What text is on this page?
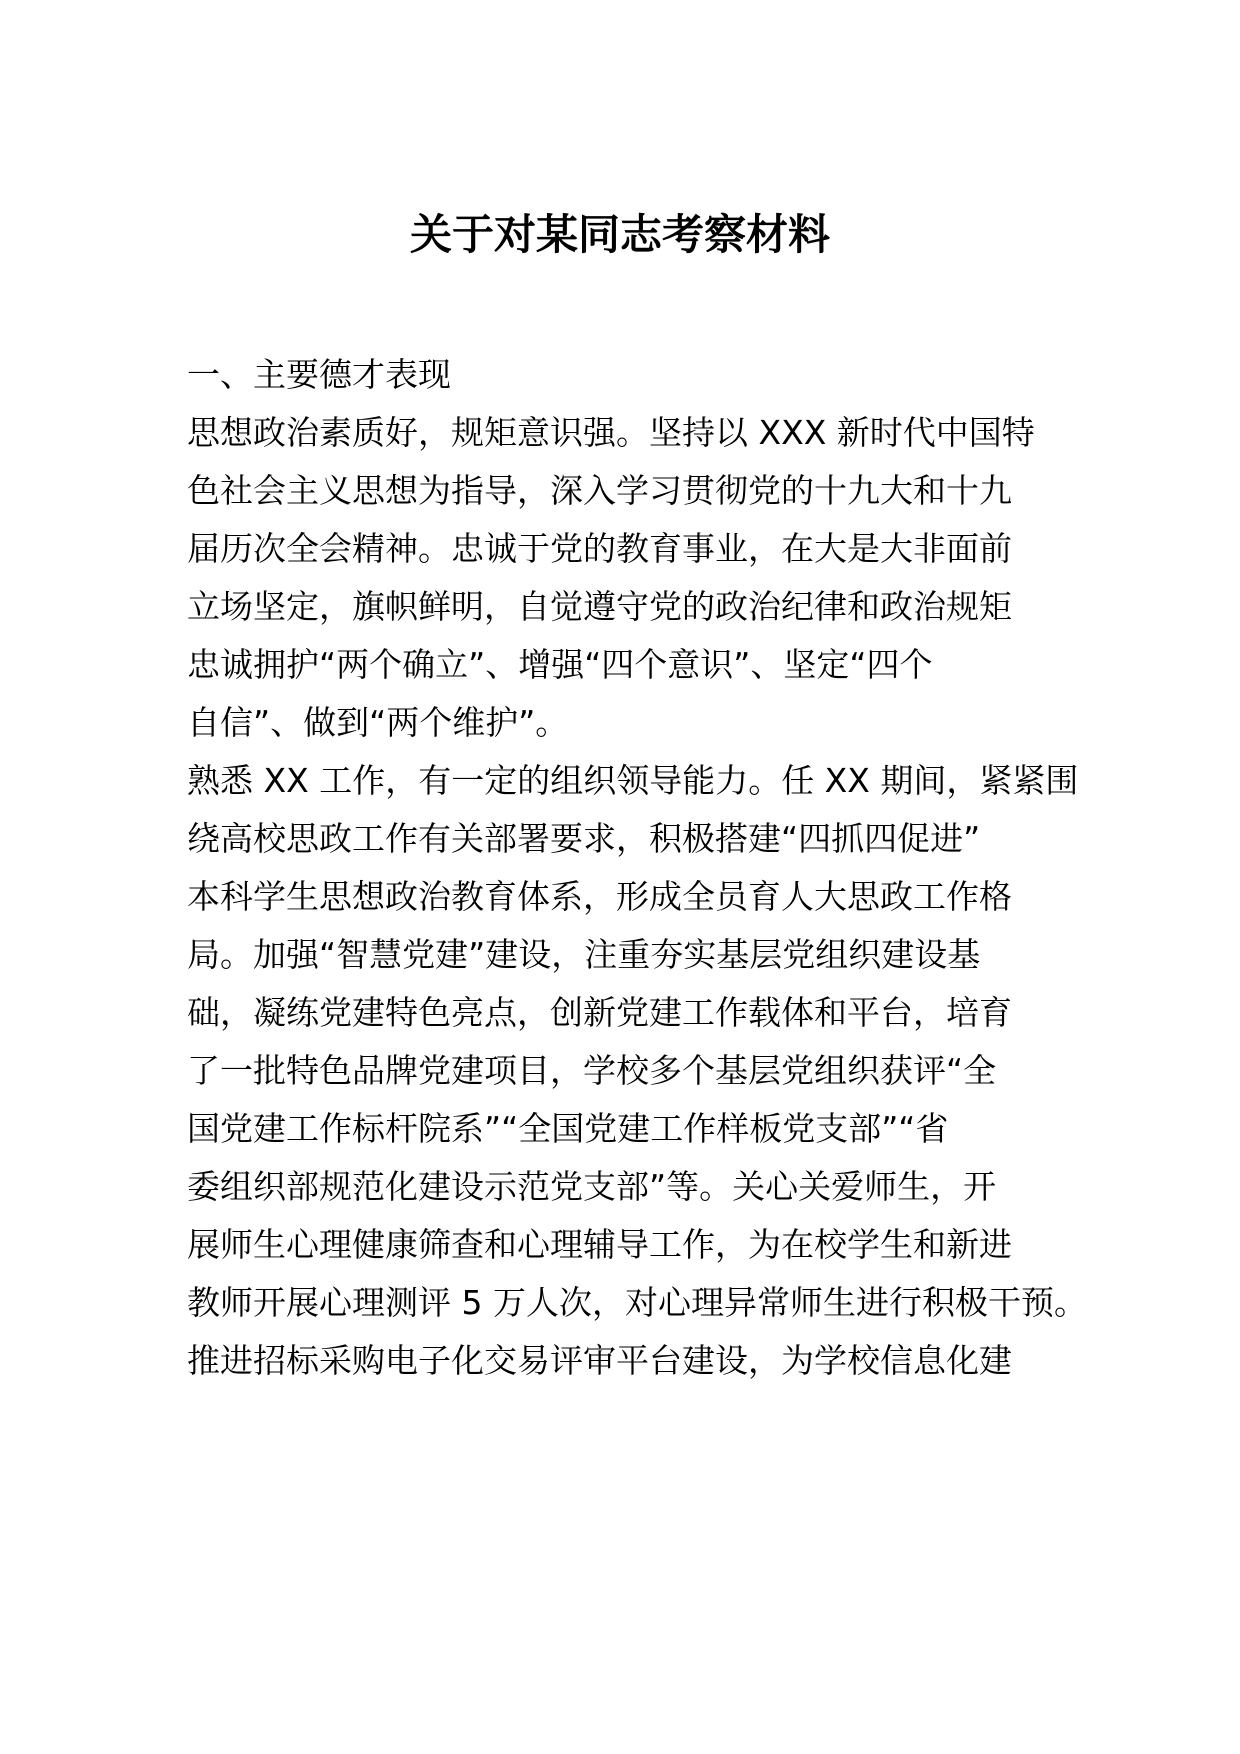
关于对某同志考察材料
一、主要德才表现
思想政治素质好，规矩意识强。坚持以 XXX 新时代中国特
色社会主义思想为指导，深入学习贯彻党的十九大和十九
届历次全会精神。忠诚于党的教育事业，在大是大非面前
立场坚定，旗帜鲜明，自觉遵守党的政治纪律和政治规矩
忠诚拥护“两个确立”、增强“四个意识”、坚定“四个
自信”、做到“两个维护”。
熟悉 XX 工作，有一定的组织领导能力。任 XX 期间，紧紧围
绕高校思政工作有关部署要求，积极搭建“四抓四促进”
本科学生思想政治教育体系，形成全员育人大思政工作格
局。加强“智慧党建”建设，注重夯实基层党组织建设基
础，凝练党建特色亮点，创新党建工作载体和平台，培育
了一批特色品牌党建项目，学校多个基层党组织获评“全
国党建工作标杆院系”“全国党建工作样板党支部”“省
委组织部规范化建设示范党支部”等。关心关爱师生，开
展师生心理健康筛查和心理辅导工作，为在校学生和新进
教师开展心理测评 5 万人次，对心理异常师生进行积极干预。
推进招标采购电子化交易评审平台建设，为学校信息化建
